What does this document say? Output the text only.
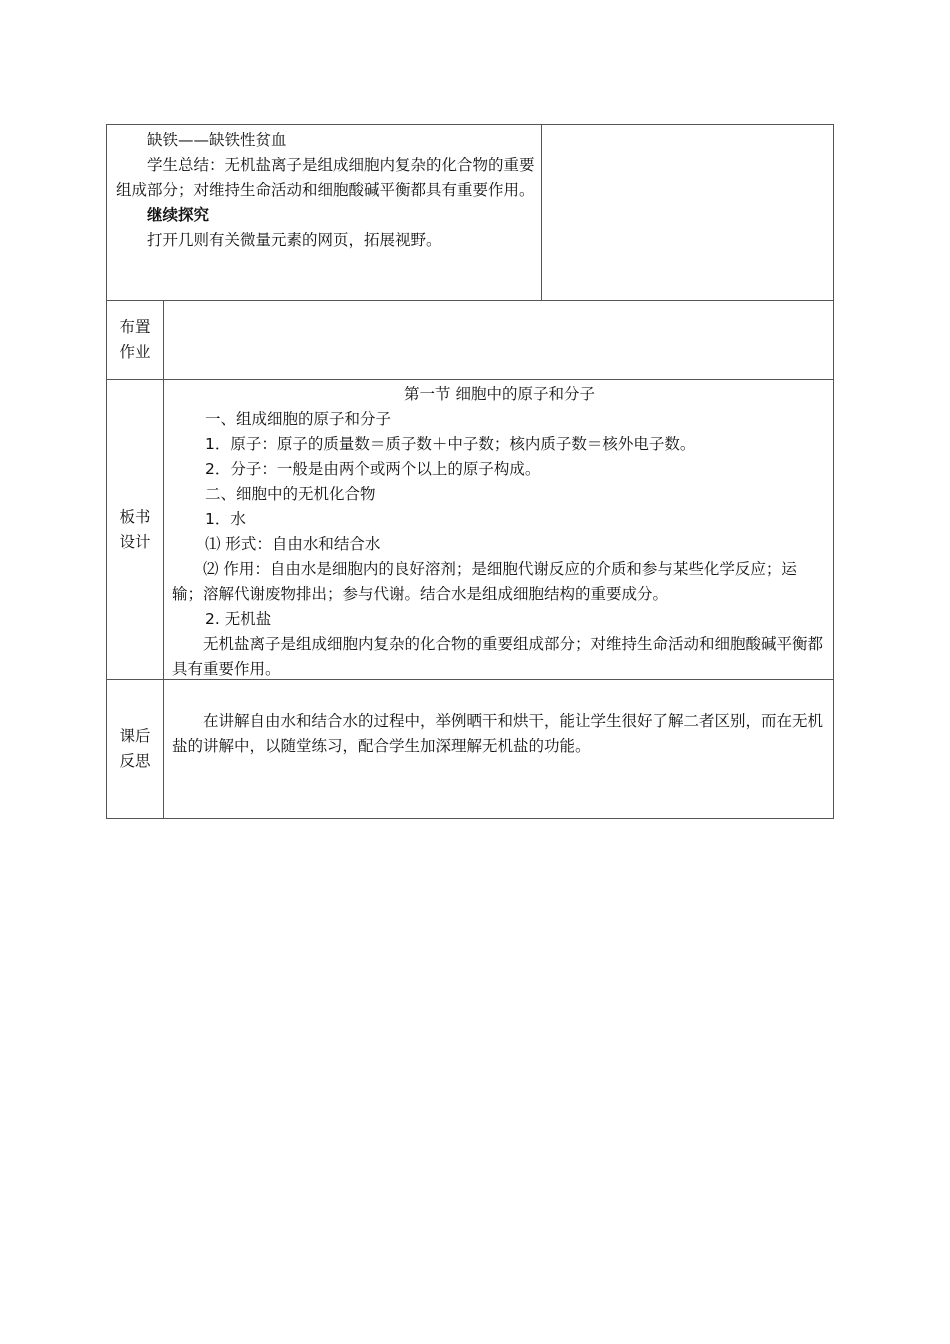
缺铁——缺铁性贫血
学生总结：无机盐离子是组成细胞内复杂的化合物的重要组成部分；对维持生命活动和细胞酸碱平衡都具有重要作用。
继续探究
打开几则有关微量元素的网页，拓展视野。
布置作业
板书设计
第一节 细胞中的原子和分子
一、组成细胞的原子和分子
1．原子：原子的质量数＝质子数＋中子数；核内质子数＝核外电子数。
2．分子：一般是由两个或两个以上的原子构成。
二、细胞中的无机化合物
1．水
⑴ 形式：自由水和结合水
⑵ 作用：自由水是细胞内的良好溶剂；是细胞代谢反应的介质和参与某些化学反应；运输；溶解代谢废物排出；参与代谢。结合水是组成细胞结构的重要成分。
2. 无机盐
无机盐离子是组成细胞内复杂的化合物的重要组成部分；对维持生命活动和细胞酸碱平衡都具有重要作用。
课后反思
在讲解自由水和结合水的过程中，举例晒干和烘干，能让学生很好了解二者区别，而在无机盐的讲解中，以随堂练习，配合学生加深理解无机盐的功能。
